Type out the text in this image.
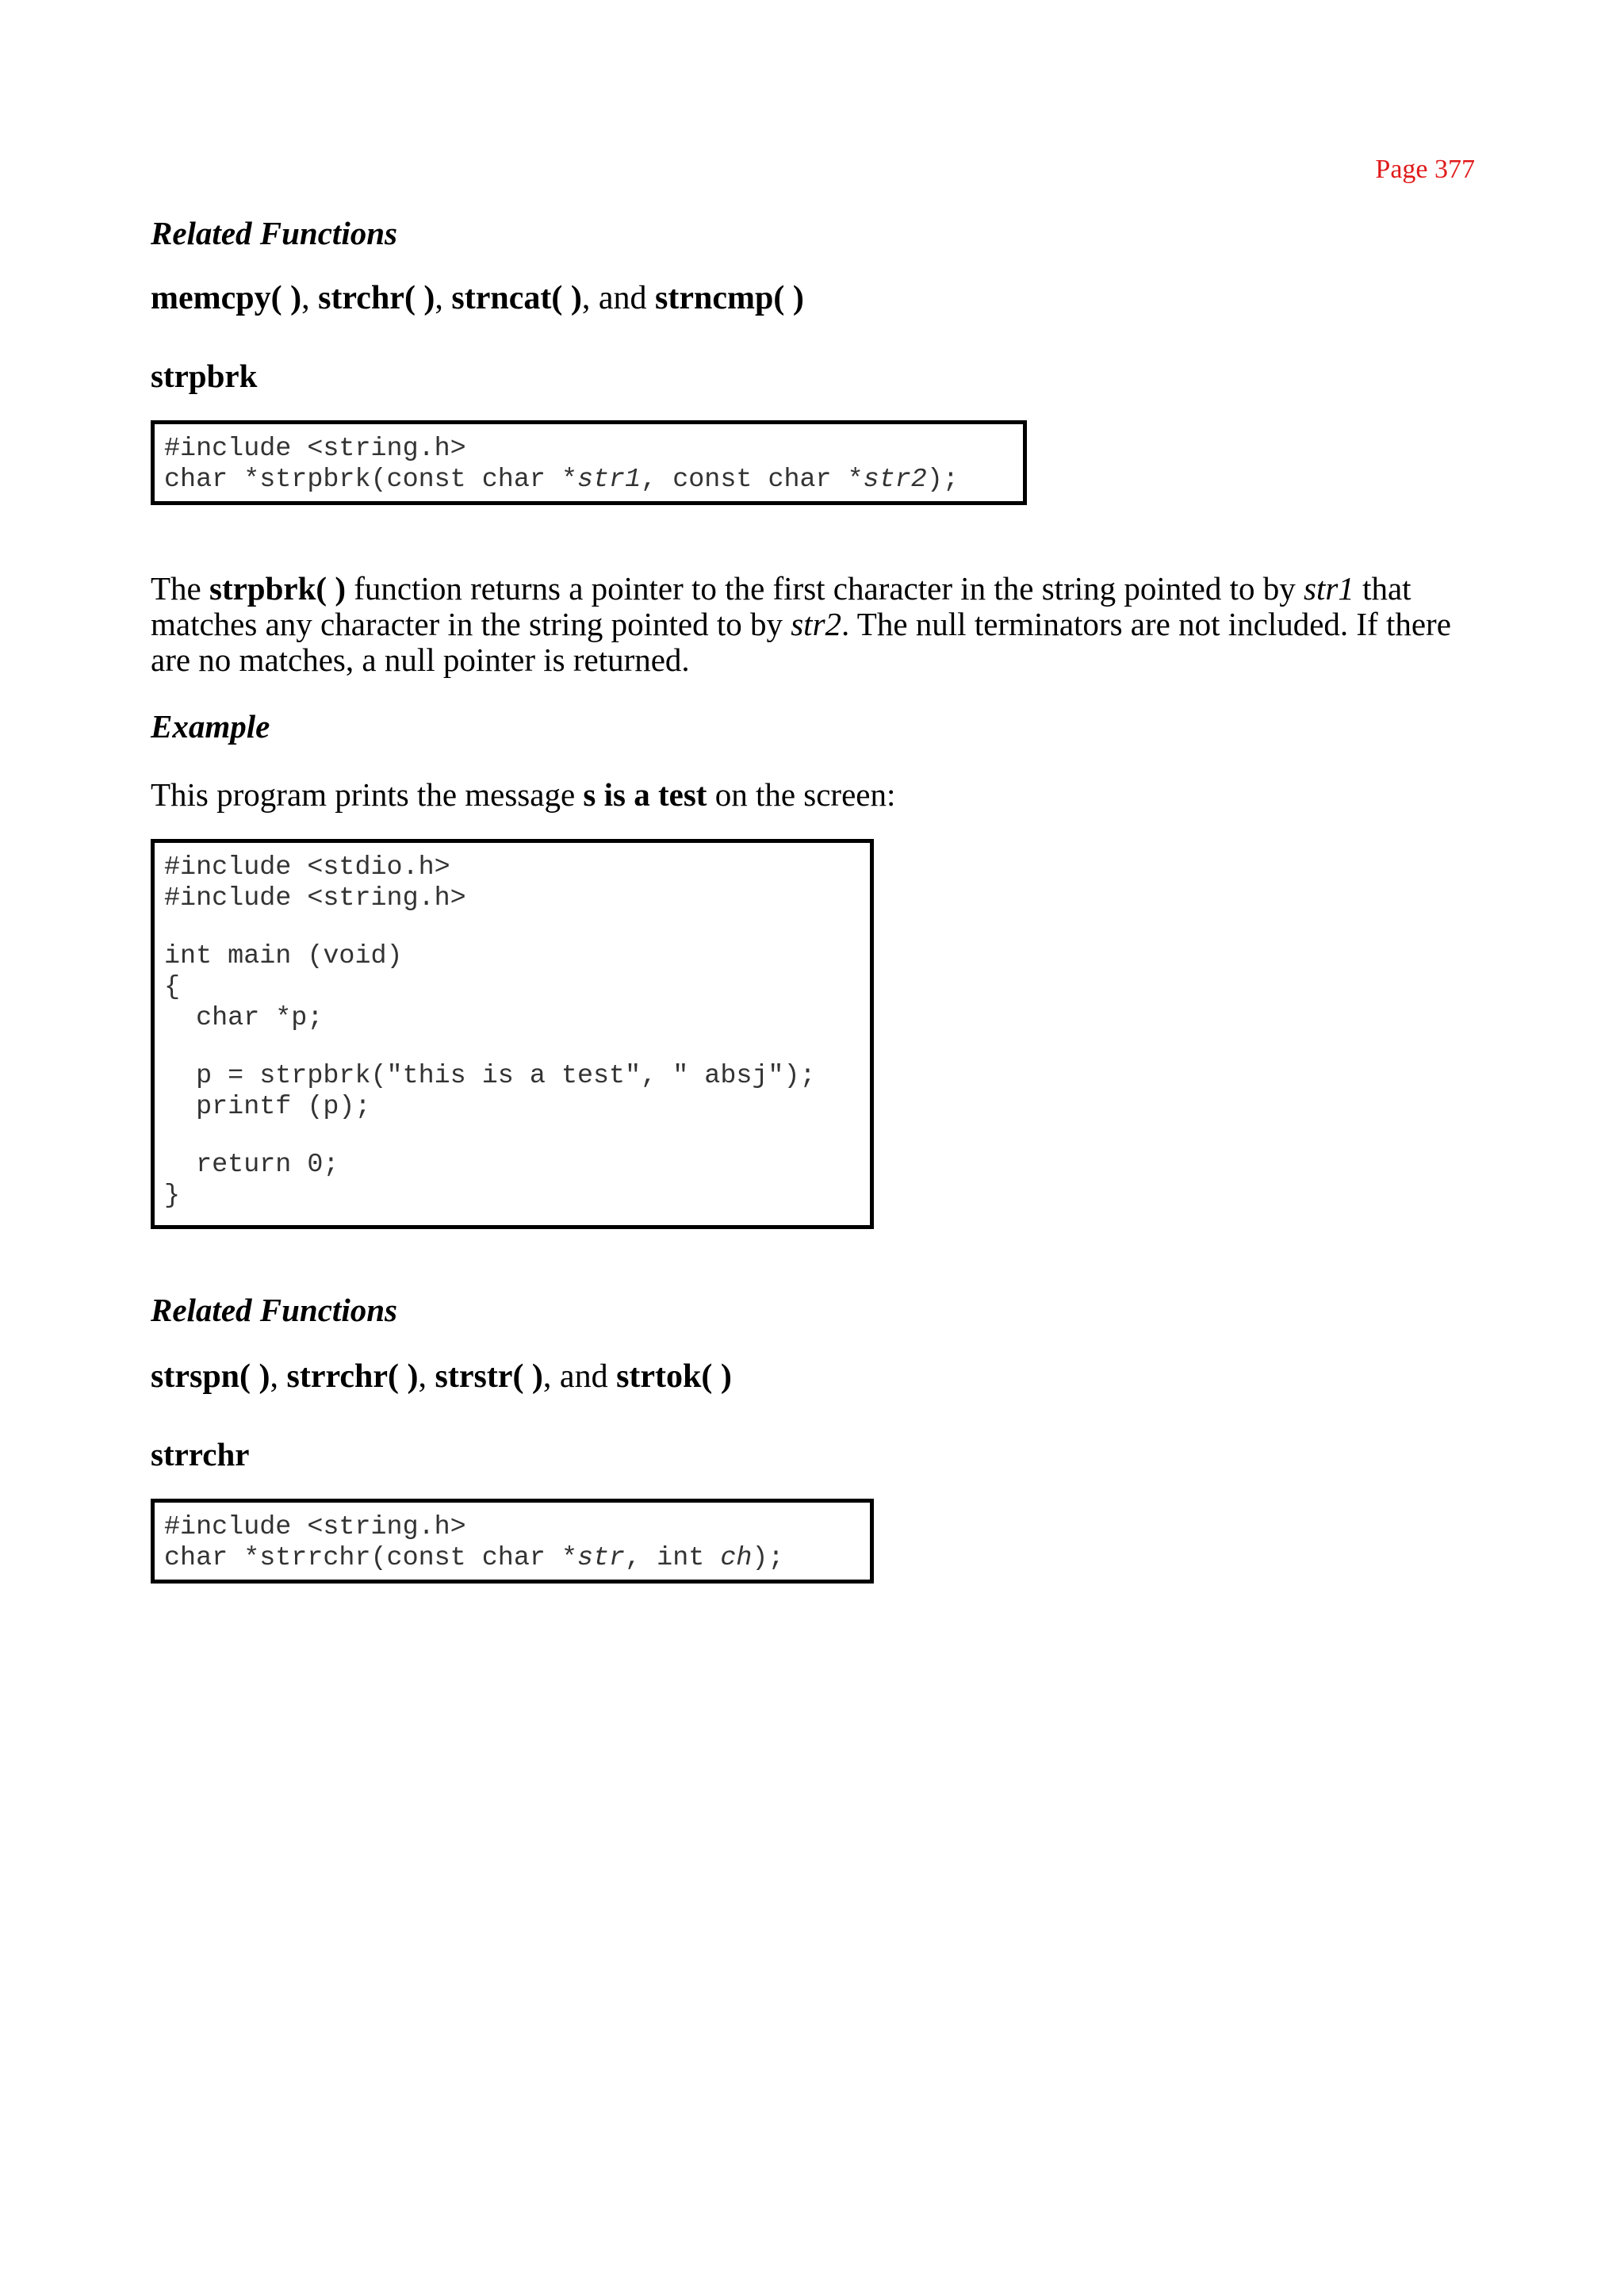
Page 377
Related Functions
memcpy( ), strchr( ), strncat( ), and strncmp( )
strpbrk
#include <string.h>
char *strpbrk(const char *str1, const char *str2);

The strpbrk( ) function returns a pointer to the first character in the string pointed to by str1 that

matches any character in the string pointed to by str2. The null terminators are not included. If there

are no matches, a null pointer is returned.

Example

This program prints the message s is a test on the screen:

#include <stdio.h>
#include <string.h>
int main (void)
{
char *p;
p = strpbrk("this is a test", " absj");
printf (p);
return 0;
}
Related Functions
strspn( ), strrchr( ), strstr( ), and strtok( )
strrchr
#include <string.h>
char *strrchr(const char *str, int ch);
